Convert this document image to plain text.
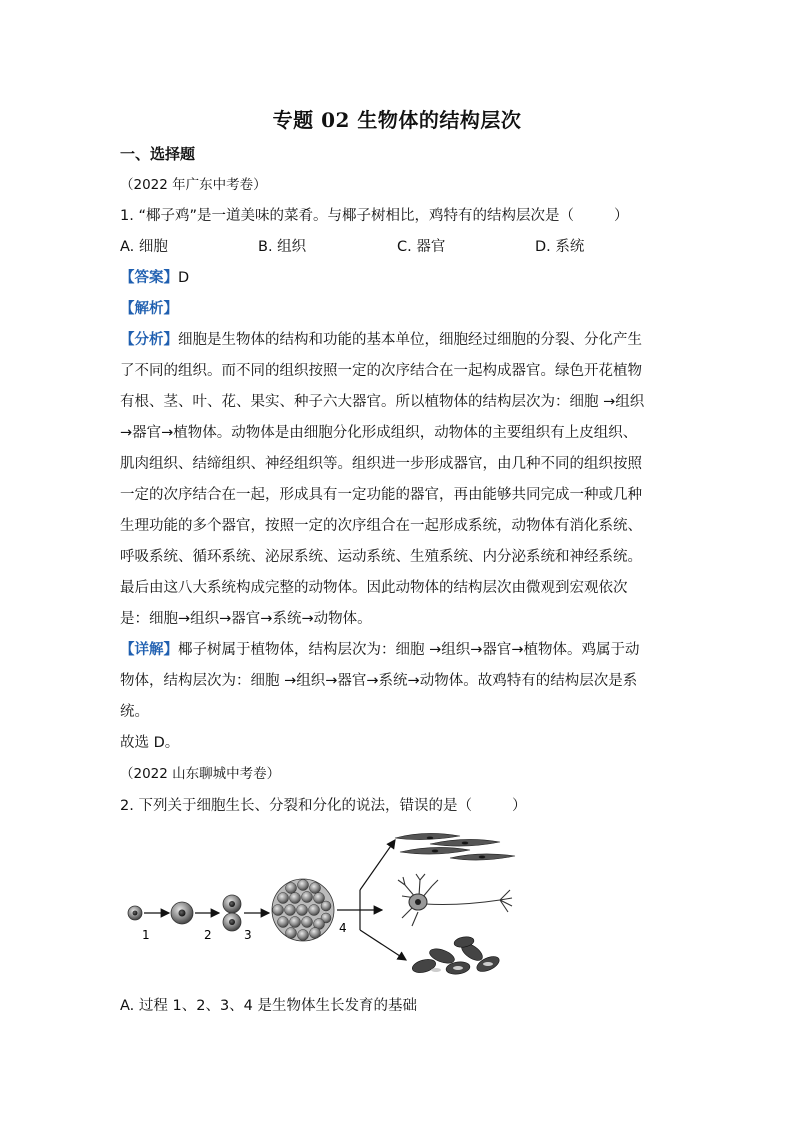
专题 02 生物体的结构层次
一、选择题
（2022 年广东中考卷）
1. “椰子鸡”是一道美味的菜肴。与椰子树相比，鸡特有的结构层次是（	）
A. 细胞	B. 组织	C. 器官	D. 系统
【答案】D
【解析】
【分析】细胞是生物体的结构和功能的基本单位，细胞经过细胞的分裂、分化产生
了不同的组织。而不同的组织按照一定的次序结合在一起构成器官。绿色开花植物
有根、茎、叶、花、果实、种子六大器官。所以植物体的结构层次为：细胞 →组织
→器官→植物体。动物体是由细胞分化形成组织，动物体的主要组织有上皮组织、
肌肉组织、结缔组织、神经组织等。组织进一步形成器官，由几种不同的组织按照
一定的次序结合在一起，形成具有一定功能的器官，再由能够共同完成一种或几种
生理功能的多个器官，按照一定的次序组合在一起形成系统，动物体有消化系统、
呼吸系统、循环系统、泌尿系统、运动系统、生殖系统、内分泌系统和神经系统。
最后由这八大系统构成完整的动物体。因此动物体的结构层次由微观到宏观依次
是：细胞→组织→器官→系统→动物体。
【详解】椰子树属于植物体，结构层次为：细胞 →组织→器官→植物体。鸡属于动
物体，结构层次为：细胞 →组织→器官→系统→动物体。故鸡特有的结构层次是系
统。
故选 D。
（2022 山东聊城中考卷）
2. 下列关于细胞生长、分裂和分化的说法，错误的是（	）
1	2	3	4
A. 过程 1、2、3、4 是生物体生长发育的基础
